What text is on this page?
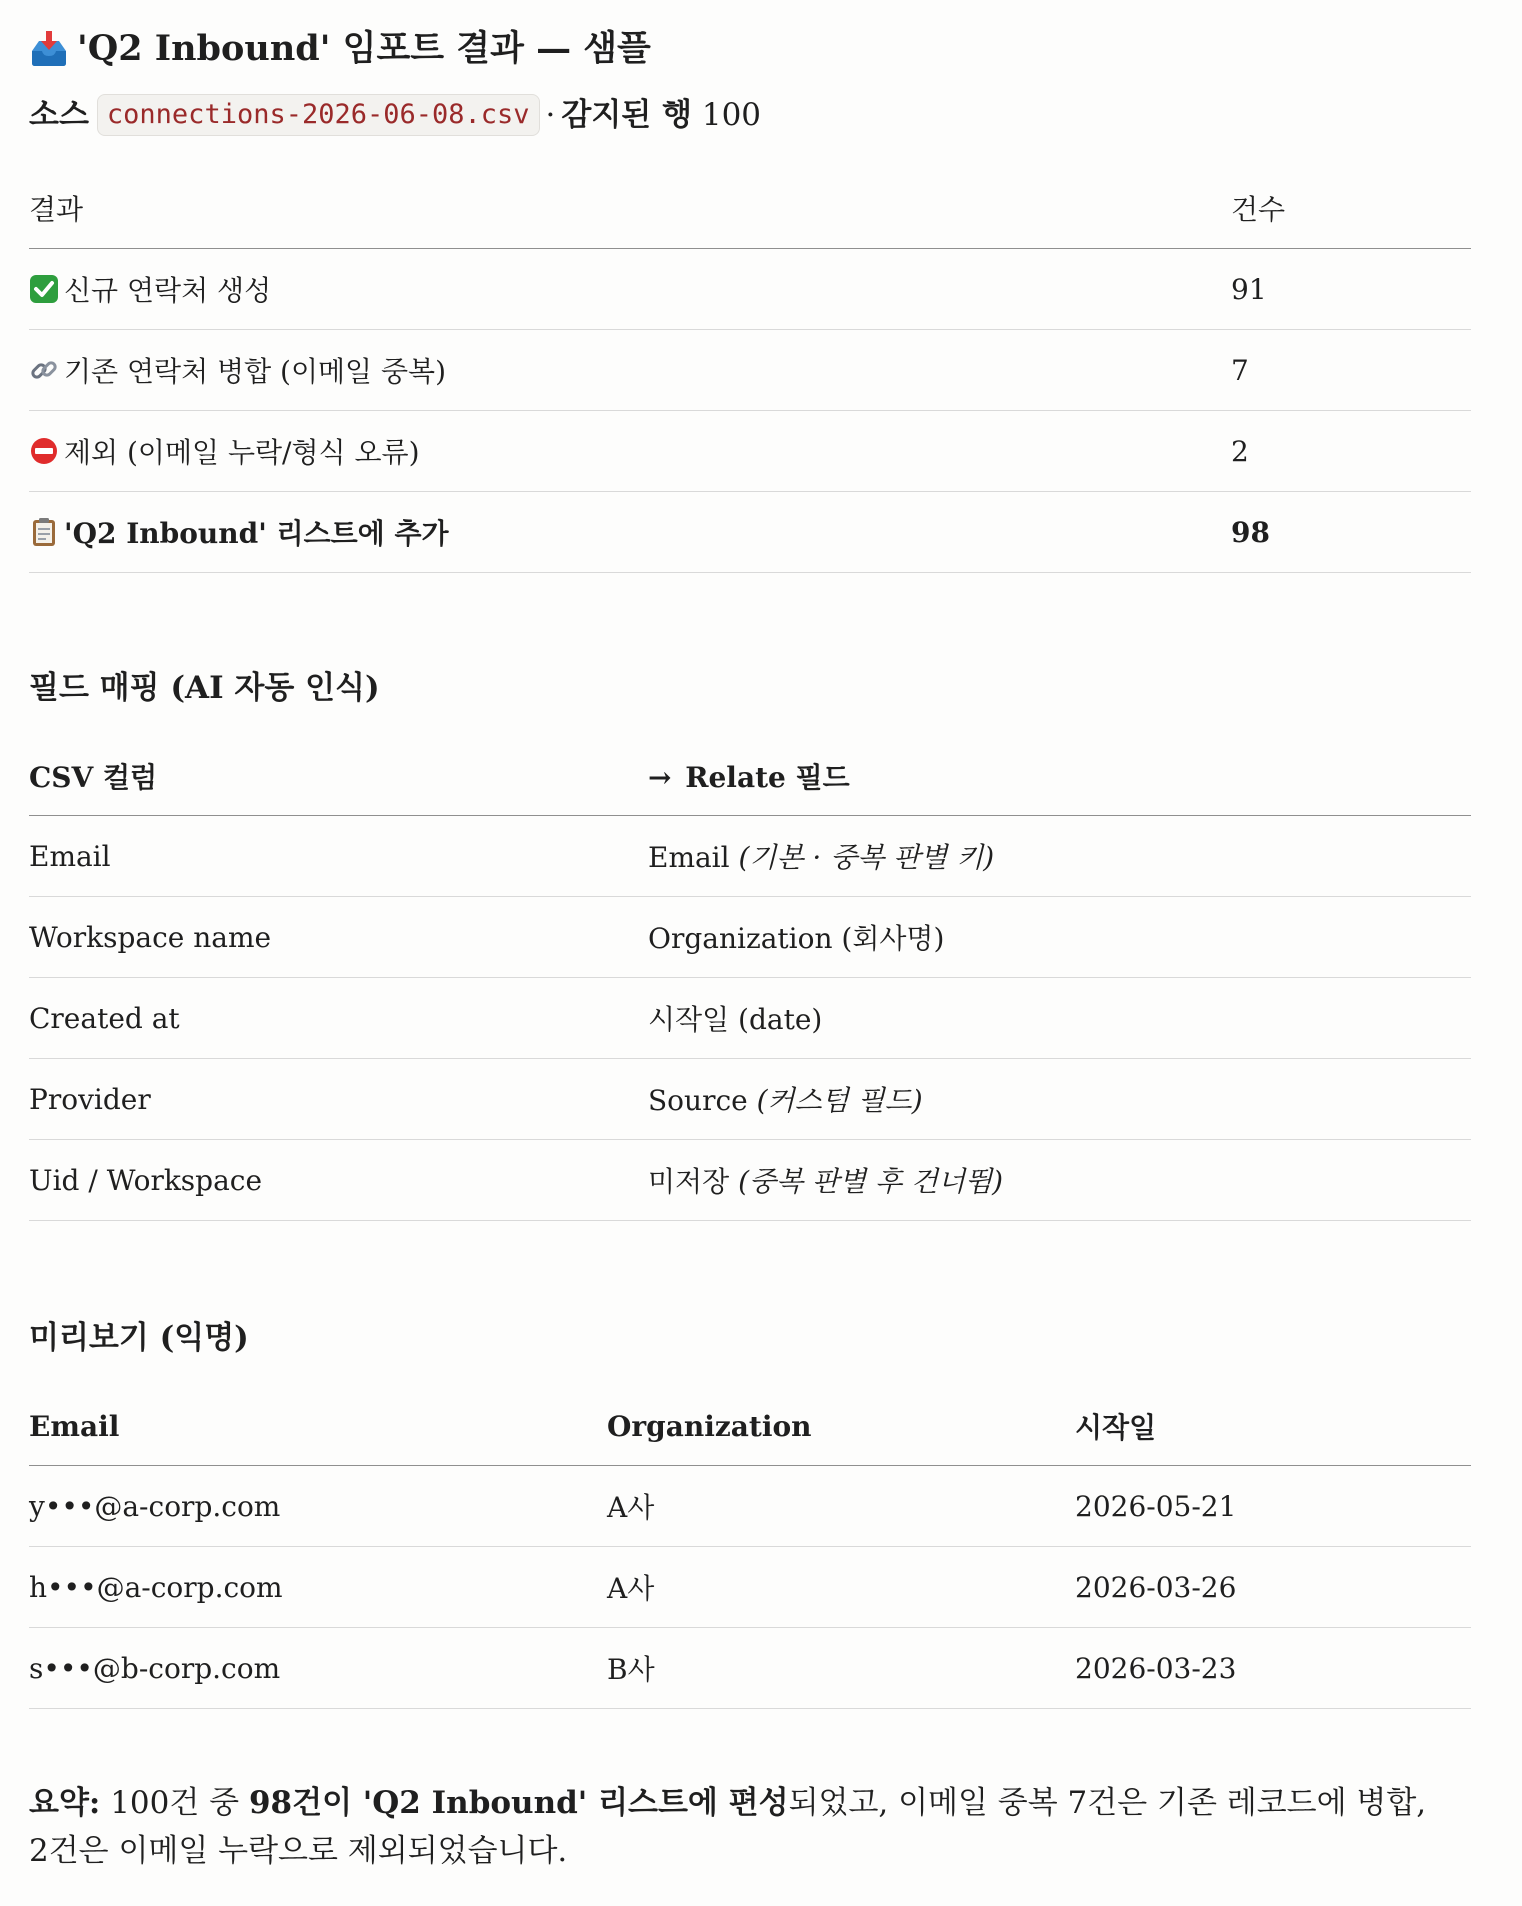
'Q2 Inbound' 임포트 결과 — 샘플
소스 connections-2026-06-08.csv · 감지된 행
100
결과	건수

신규 연락처 생성	91

기존 연락처 병합 (이메일 중복)	7

제외 (이메일 누락/형식 오류)	2

'Q2 Inbound' 리스트에 추가	98
필드 매핑 (AI 자동 인식)
CSV 컬럼	→ Relate 필드
Email	Email (기본 · 중복 판별 키)
Workspace name	Organization (회사명)
Created at	시작일 (date)
Provider	Source (커스텀 필드)
Uid / Workspace	미저장 (중복 판별 후 건너뜀)
미리보기 (익명)
Email	Organization	시작일
y•••@a-corp.com	A사	2026-05-21
h•••@a-corp.com	A사	2026-03-26
s•••@b-corp.com	B사	2026-03-23

요약: 100건 중 98건이 'Q2 Inbound' 리스트에 편성되었고, 이메일 중복 7건은 기존 레코드에 병합, 2건은 이메일 누락으로 제외되었습니다.
